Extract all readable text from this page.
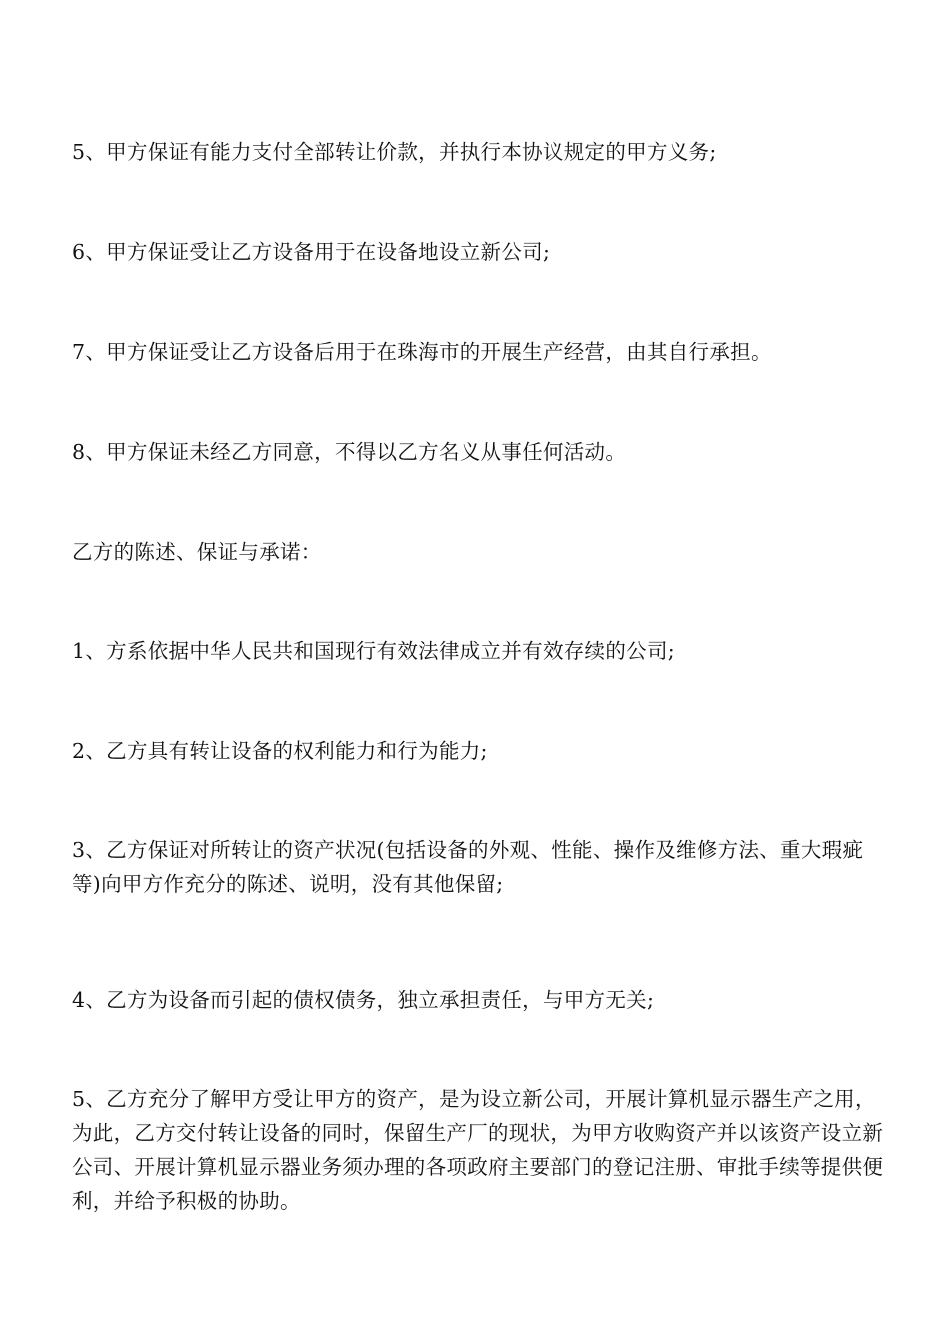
5、甲方保证有能力支付全部转让价款，并执行本协议规定的甲方义务;

6、甲方保证受让乙方设备用于在设备地设立新公司;

7、甲方保证受让乙方设备后用于在珠海市的开展生产经营，由其自行承担。

8、甲方保证未经乙方同意，不得以乙方名义从事任何活动。

乙方的陈述、保证与承诺：

1、方系依据中华人民共和国现行有效法律成立并有效存续的公司;

2、乙方具有转让设备的权利能力和行为能力;

3、乙方保证对所转让的资产状况(包括设备的外观、性能、操作及维修方法、重大瑕疵等)向甲方作充分的陈述、说明，没有其他保留;

4、乙方为设备而引起的债权债务，独立承担责任，与甲方无关;

5、乙方充分了解甲方受让甲方的资产，是为设立新公司，开展计算机显示器生产之用，为此，乙方交付转让设备的同时，保留生产厂的现状，为甲方收购资产并以该资产设立新公司、开展计算机显示器业务须办理的各项政府主要部门的登记注册、审批手续等提供便利，并给予积极的协助。
